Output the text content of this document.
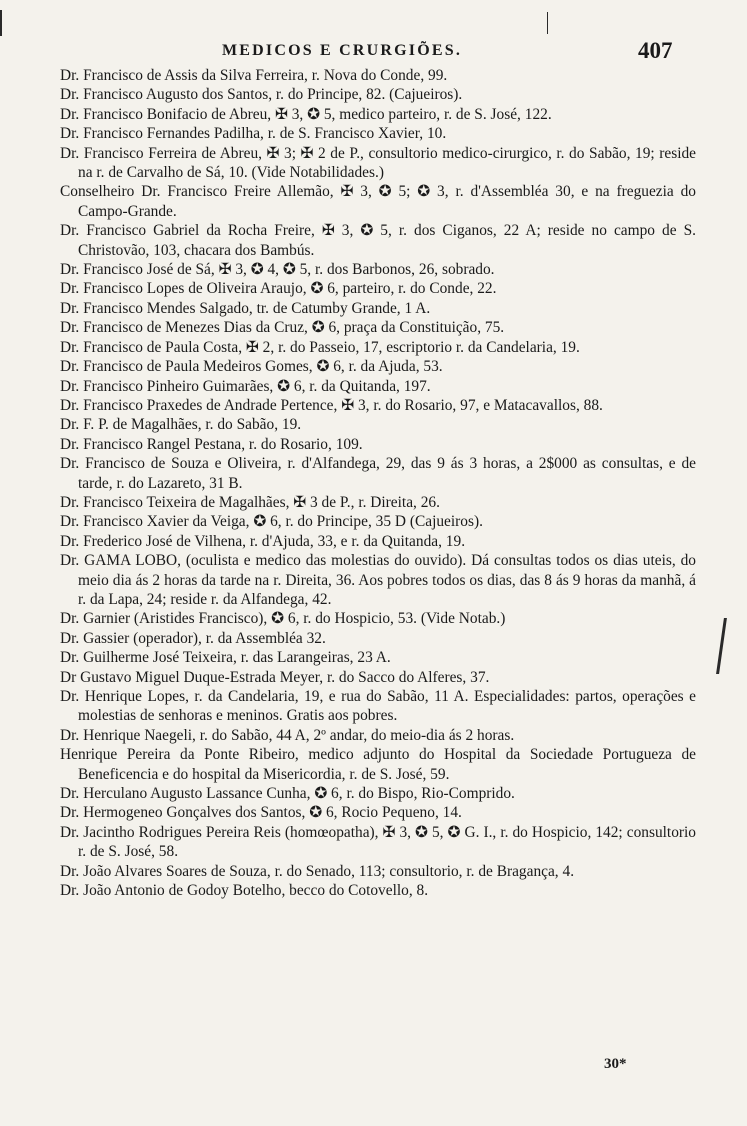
MEDICOS E CRURGIÕES.	407

Dr. Francisco de Assis da Silva Ferreira, r. Nova do Conde, 99.

Dr. Francisco Augusto dos Santos, r. do Principe, 82. (Cajueiros).

Dr. Francisco Bonifacio de Abreu, ✠ 3, ✪ 5, medico parteiro, r. de S. José, 122.

Dr. Francisco Fernandes Padilha, r. de S. Francisco Xavier, 10.

Dr. Francisco Ferreira de Abreu, ✠ 3; ✠ 2 de P., consultorio medico-cirurgico, r. do Sabão, 19; reside na r. de Carvalho de Sá, 10. (Vide Notabilidades.)

Conselheiro Dr. Francisco Freire Allemão, ✠ 3, ✪ 5; ✪ 3, r. d'Assembléa 30, e na freguezia do Campo-Grande.

Dr. Francisco Gabriel da Rocha Freire, ✠ 3, ✪ 5, r. dos Ciganos, 22 A; reside no campo de S. Christovão, 103, chacara dos Bambús.

Dr. Francisco José de Sá, ✠ 3, ✪ 4, ✪ 5, r. dos Barbonos, 26, sobrado.

Dr. Francisco Lopes de Oliveira Araujo, ✪ 6, parteiro, r. do Conde, 22.

Dr. Francisco Mendes Salgado, tr. de Catumby Grande, 1 A.

Dr. Francisco de Menezes Dias da Cruz, ✪ 6, praça da Constituição, 75.

Dr. Francisco de Paula Costa, ✠ 2, r. do Passeio, 17, escriptorio r. da Candelaria, 19.

Dr. Francisco de Paula Medeiros Gomes, ✪ 6, r. da Ajuda, 53.

Dr. Francisco Pinheiro Guimarães, ✪ 6, r. da Quitanda, 197.

Dr. Francisco Praxedes de Andrade Pertence, ✠ 3, r. do Rosario, 97, e Matacavallos, 88.

Dr. F. P. de Magalhães, r. do Sabão, 19.

Dr. Francisco Rangel Pestana, r. do Rosario, 109.

Dr. Francisco de Souza e Oliveira, r. d'Alfandega, 29, das 9 ás 3 horas, a 2$000 as consultas, e de tarde, r. do Lazareto, 31 B.

Dr. Francisco Teixeira de Magalhães, ✠ 3 de P., r. Direita, 26.

Dr. Francisco Xavier da Veiga, ✪ 6, r. do Principe, 35 D (Cajueiros).

Dr. Frederico José de Vilhena, r. d'Ajuda, 33, e r. da Quitanda, 19.

Dr. GAMA LOBO, (oculista e medico das molestias do ouvido). Dá consultas todos os dias uteis, do meio dia ás 2 horas da tarde na r. Direita, 36. Aos pobres todos os dias, das 8 ás 9 horas da manhã, á r. da Lapa, 24; reside r. da Alfandega, 42.

Dr. Garnier (Aristides Francisco), ✪ 6, r. do Hospicio, 53. (Vide Notab.)

Dr. Gassier (operador), r. da Assembléa 32.

Dr. Guilherme José Teixeira, r. das Larangeiras, 23 A.

Dr Gustavo Miguel Duque-Estrada Meyer, r. do Sacco do Alferes, 37.

Dr. Henrique Lopes, r. da Candelaria, 19, e rua do Sabão, 11 A. Especialidades: partos, operações e molestias de senhoras e meninos. Gratis aos pobres.

Dr. Henrique Naegeli, r. do Sabão, 44 A, 2º andar, do meio-dia ás 2 horas.

Henrique Pereira da Ponte Ribeiro, medico adjunto do Hospital da Sociedade Portugueza de Beneficencia e do hospital da Misericordia, r. de S. José, 59.

Dr. Herculano Augusto Lassance Cunha, ✪ 6, r. do Bispo, Rio-Comprido.

Dr. Hermogeneo Gonçalves dos Santos, ✪ 6, Rocio Pequeno, 14.

Dr. Jacintho Rodrigues Pereira Reis (homœopatha), ✠ 3, ✪ 5, ✪ G. I., r. do Hospicio, 142; consultorio r. de S. José, 58.

Dr. João Alvares Soares de Souza, r. do Senado, 113; consultorio, r. de Bragança, 4.

Dr. João Antonio de Godoy Botelho, becco do Cotovello, 8.

30*
